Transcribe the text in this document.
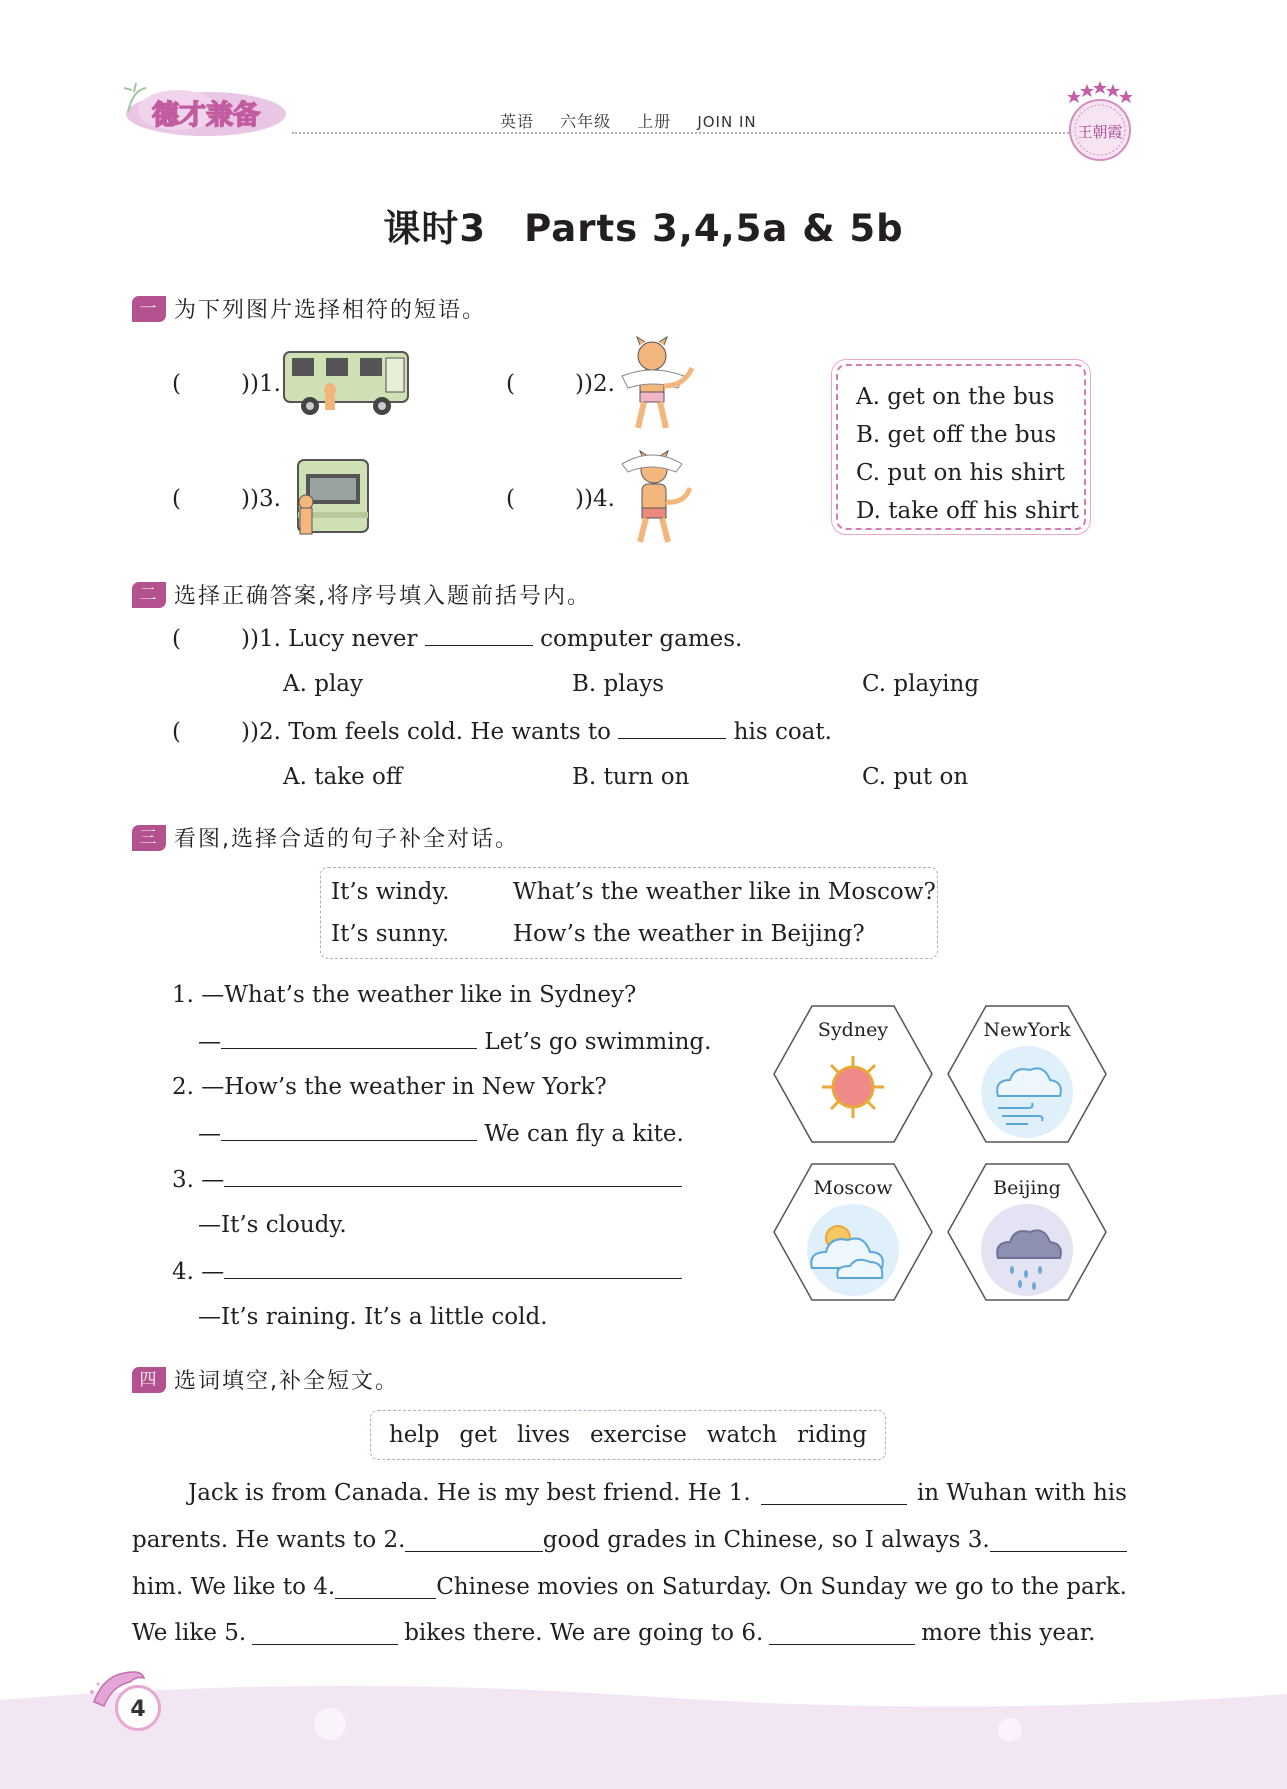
德才兼备	英语 六年级 上册 JOIN IN
王朝霞
课时3　Parts 3,4,5a & 5b
一 为下列图片选择相符的短语。
(   ))1. (   )	)2.
(   ))3. (   )	)4.
A. get on the bus
B. get off the bus
C. put on his shirt
D. take off his shirt
二 选择正确答案,将序号填入题前括号内。
(   ))1. Lucy never	computer games.
A. play	B. plays	C. playing
(   ))2. Tom feels cold. He wants to	his coat.
A. take off	B. turn on	C. put on
三 看图,选择合适的句子补全对话。
It’s windy.	What’s the weather like in Moscow?
It’s sunny.	How’s the weather in Beijing?
1. —What’s the weather like in Sydney?
—	Let’s go swimming.
2. —How’s the weather in New York?
—	We can fly a kite.
3. —
—It’s cloudy.
4. —
—It’s raining. It’s a little cold.
Sydney	NewYork
Moscow	Beijing
四 选词填空,补全短文。
help get lives exercise watch riding
Jack is from Canada. He is my best friend. He 1.	in Wuhan with his
parents. He wants to 2.	good grades in Chinese, so I always 3.
him. We like to 4.	Chinese movies on Saturday. On Sunday we go to the park.
We like 5.	bikes there. We are going to 6.	more this year.
4
